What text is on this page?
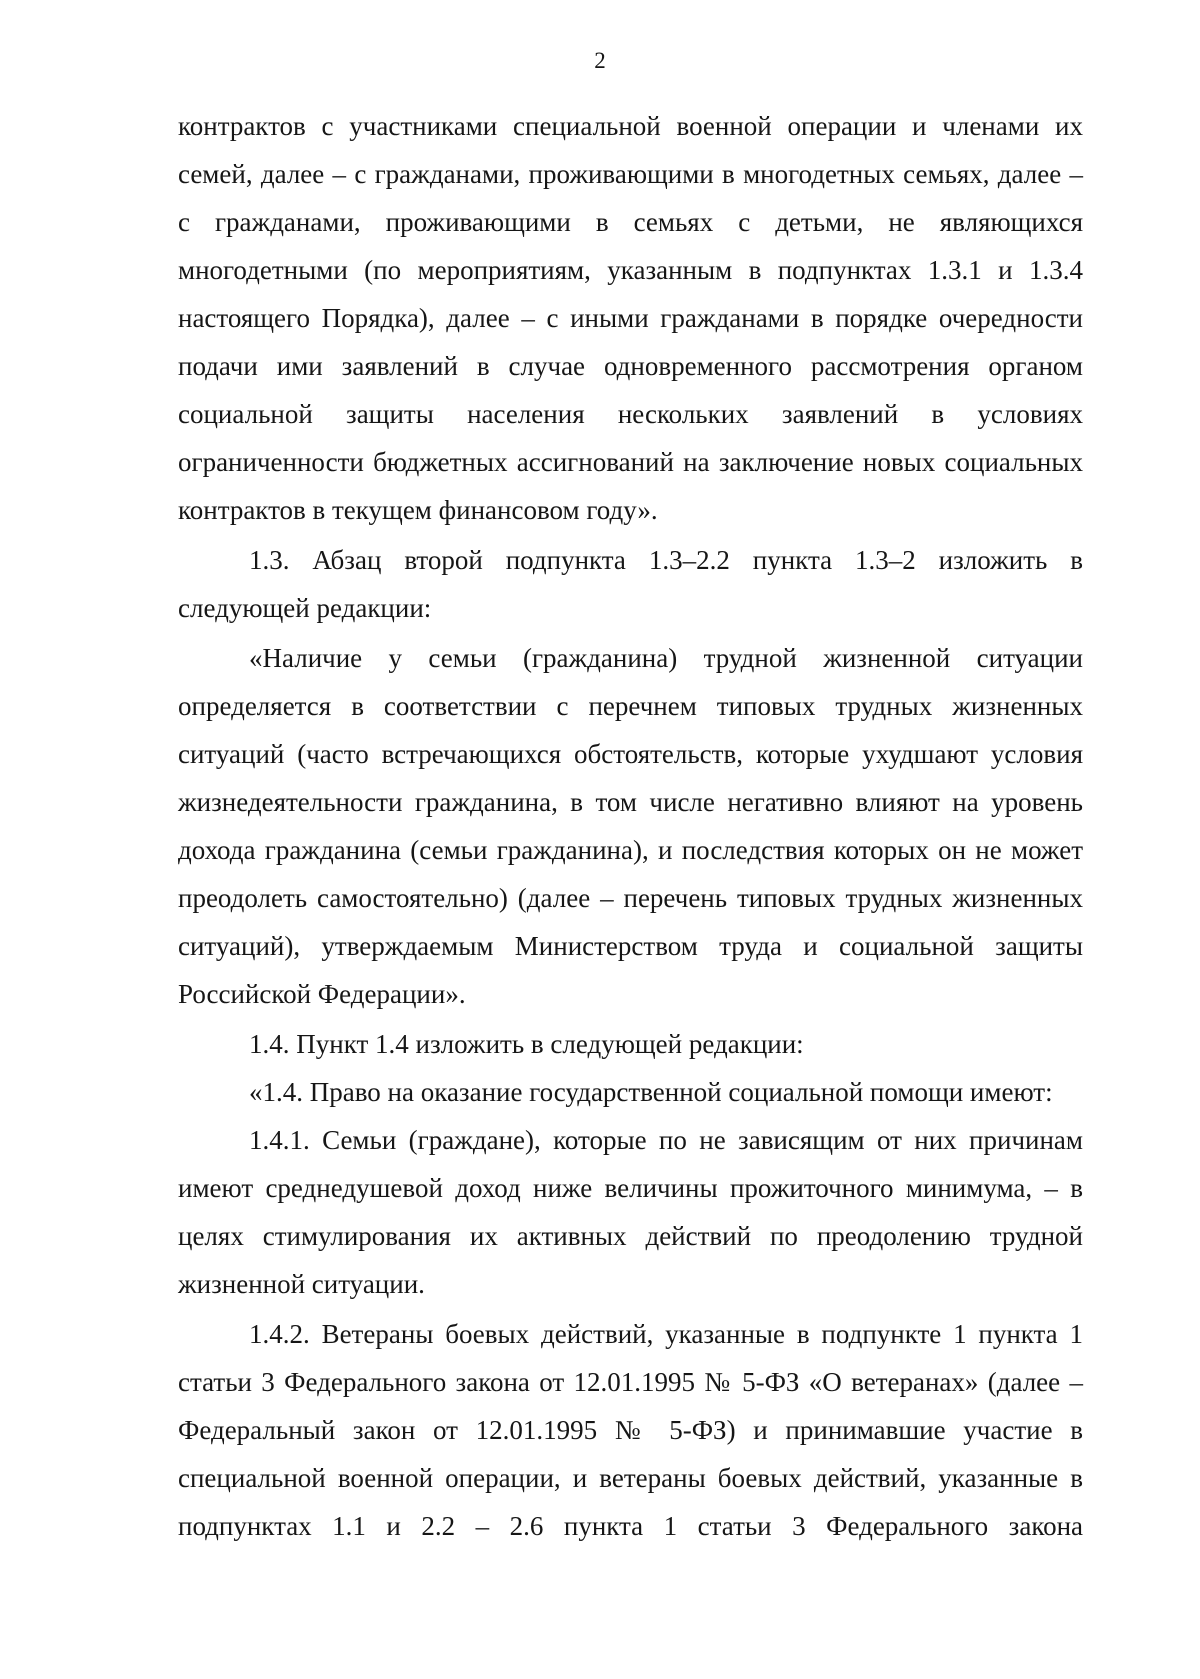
2
контрактов с участниками специальной военной операции и членами их
семей, далее – с гражданами, проживающими в многодетных семьях, далее –
с гражданами, проживающими в семьях с детьми, не являющихся
многодетными (по мероприятиям, указанным в подпунктах 1.3.1 и 1.3.4
настоящего Порядка), далее – с иными гражданами в порядке очередности
подачи ими заявлений в случае одновременного рассмотрения органом
социальной защиты населения нескольких заявлений в условиях
ограниченности бюджетных ассигнований на заключение новых социальных
контрактов в текущем финансовом году».
1.3. Абзац второй подпункта 1.3–2.2 пункта 1.3–2 изложить в
следующей редакции:
«Наличие у семьи (гражданина) трудной жизненной ситуации
определяется в соответствии с перечнем типовых трудных жизненных
ситуаций (часто встречающихся обстоятельств, которые ухудшают условия
жизнедеятельности гражданина, в том числе негативно влияют на уровень
дохода гражданина (семьи гражданина), и последствия которых он не может
преодолеть самостоятельно) (далее – перечень типовых трудных жизненных
ситуаций), утверждаемым Министерством труда и социальной защиты
Российской Федерации».
1.4. Пункт 1.4 изложить в следующей редакции:
«1.4. Право на оказание государственной социальной помощи имеют:
1.4.1. Семьи (граждане), которые по не зависящим от них причинам
имеют среднедушевой доход ниже величины прожиточного минимума, – в
целях стимулирования их активных действий по преодолению трудной
жизненной ситуации.
1.4.2. Ветераны боевых действий, указанные в подпункте 1 пункта 1
статьи 3 Федерального закона от 12.01.1995 № 5-ФЗ «О ветеранах» (далее –
Федеральный закон от 12.01.1995 № 5-ФЗ) и принимавшие участие в
специальной военной операции, и ветераны боевых действий, указанные в
подпунктах 1.1 и 2.2 – 2.6 пункта 1 статьи 3 Федерального закона
